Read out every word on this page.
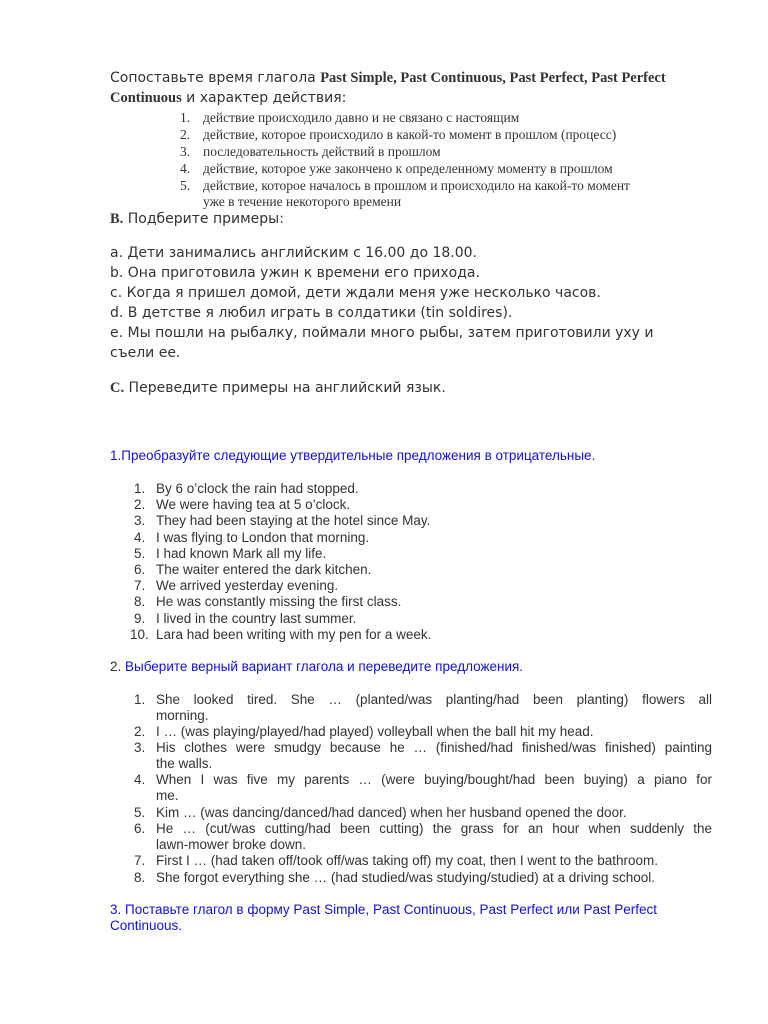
Сопоставьте время глагола Past Simple, Past Continuous, Past Perfect, Past Perfect
Continuous и характер действия:
1. действие происходило давно и не связано с настоящим
2. действие, которое происходило в какой-то момент в прошлом (процесс)
3. последовательность действий в прошлом
4. действие, которое уже закончено к определенному моменту в прошлом
5. действие, которое началось в прошлом и происходило на какой-то момент
уже в течение некоторого времени
B. Подберите примеры:
a. Дети занимались английским с 16.00 до 18.00.
b. Она приготовила ужин к времени его прихода.
c. Когда я пришел домой, дети ждали меня уже несколько часов.
d. В детстве я любил играть в солдатики (tin soldires).
e. Мы пошли на рыбалку, поймали много рыбы, затем приготовили уху и
съели ее.
C. Переведите примеры на английский язык.
1.Преобразуйте следующие утвердительные предложения в отрицательные.
1. By 6 o’clock the rain had stopped.
2. We were having tea at 5 o’clock.
3. They had been staying at the hotel since May.
4. I was flying to London that morning.
5. I had known Mark all my life.
6. The waiter entered the dark kitchen.
7. We arrived yesterday evening.
8. He was constantly missing the first class.
9. I lived in the country last summer.
10. Lara had been writing with my pen for a week.
2. Выберите верный вариант глагола и переведите предложения.
1. She looked tired. She … (planted/was planting/had been planting) flowers all
morning.
2. I … (was playing/played/had played) volleyball when the ball hit my head.
3. His clothes were smudgy because he … (finished/had finished/was finished) painting
the walls.
4. When I was five my parents … (were buying/bought/had been buying) a piano for
me.
5. Kim … (was dancing/danced/had danced) when her husband opened the door.
6. He … (cut/was cutting/had been cutting) the grass for an hour when suddenly the
lawn-mower broke down.
7. First I … (had taken off/took off/was taking off) my coat, then I went to the bathroom.
8. She forgot everything she … (had studied/was studying/studied) at a driving school.
3. Поставьте глагол в форму Past Simple, Past Continuous, Past Perfect или Past Perfect
Continuous.
